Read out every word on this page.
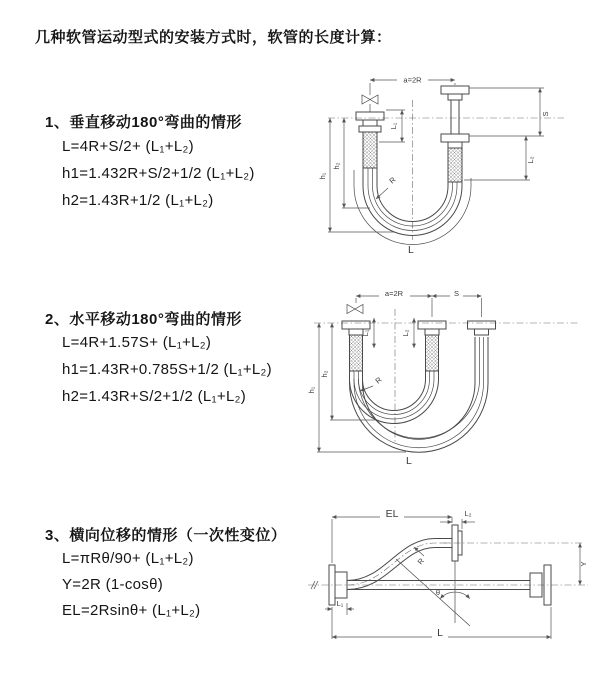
几种软管运动型式的安装方式时，软管的长度计算：
1、垂直移动180°弯曲的情形
L=4R+S/2+ (L₁+L₂)
h1=1.432R+S/2+1/2 (L₁+L₂)
h2=1.43R+1/2 (L₁+L₂)
2、水平移动180°弯曲的情形
L=4R+1.57S+ (L₁+L₂)
h1=1.43R+0.785S+1/2 (L₁+L₂)
h2=1.43R+S/2+1/2 (L₁+L₂)
3、横向位移的情形（一次性变位）
L=πRθ/90+ (L₁+L₂)
Y=2R (1-cosθ)
EL=2Rsinθ+ (L₁+L₂)
a=2R
S
L₂
L₁
h₁
h₂
R
L
a=2R	S
L₁	L₂
h₁
h₂
R
L
EL	L₂
Y
θ
R
L₁
L
